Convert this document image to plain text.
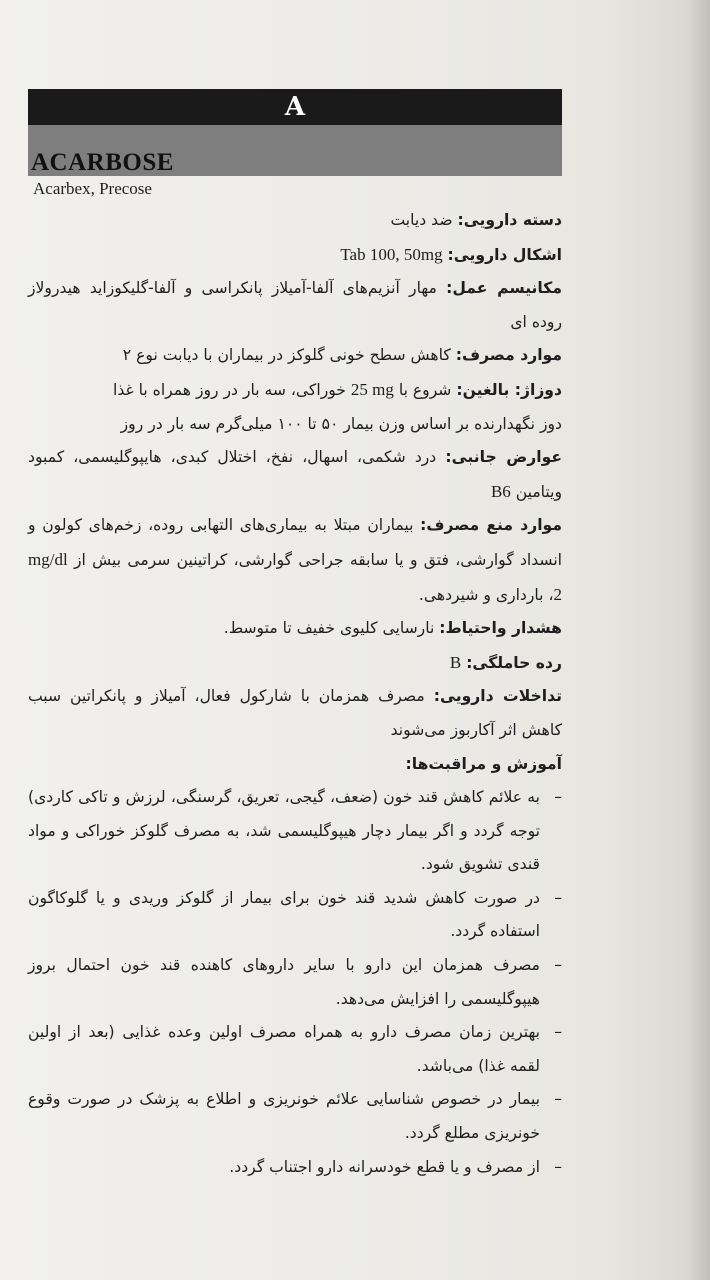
A
ACARBOSE
Acarbex, Precose

دسته دارویی: ضد دیابت

اشکال دارویی: Tab 100, 50mg

مکانیسم عمل: مهار آنزیم‌های آلفا-آمیلاز پانکراسی و آلفا-گلیکوزاید هیدرولاز روده ای

موارد مصرف: کاهش سطح خونی گلوکز در بیماران با دیابت نوع ۲

دوزاژ: بالغین: شروع با 25 mg خوراکی، سه بار در روز همراه با غذا

دوز نگهدارنده بر اساس وزن بیمار ۵۰ تا ۱۰۰ میلی‌گرم سه بار در روز

عوارض جانبی: درد شکمی، اسهال، نفخ، اختلال کبدی، هایپوگلیسمی، کمبود ویتامین B6

موارد منع مصرف: بیماران مبتلا به بیماری‌های التهابی روده، زخم‌های کولون و انسداد گوارشی، فتق و یا سابقه جراحی گوارشی، کراتینین سرمی بیش از mg/dl 2، بارداری و شیردهی.

هشدار واحتیاط: نارسایی کلیوی خفیف تا متوسط.

رده حاملگی: B

تداخلات دارویی: مصرف همزمان با شارکول فعال، آمیلاز و پانکراتین سبب کاهش اثر آکاربوز می‌شوند

آموزش و مراقبت‌ها:

–
به علائم کاهش قند خون (ضعف، گیجی، تعریق، گرسنگی، لرزش و تاکی کاردی) توجه گردد و اگر بیمار دچار هیپوگلیسمی شد، به مصرف گلوکز خوراکی و مواد قندی تشویق شود.

–
در صورت کاهش شدید قند خون برای بیمار از گلوکز وریدی و یا گلوکاگون استفاده گردد.

–
مصرف همزمان این دارو با سایر داروهای کاهنده قند خون احتمال بروز هیپوگلیسمی را افزایش می‌دهد.

–
بهترین زمان مصرف دارو به همراه مصرف اولین وعده غذایی (بعد از اولین لقمه غذا) می‌باشد.

–
بیمار در خصوص شناسایی علائم خونریزی و اطلاع به پزشک در صورت وقوع خونریزی مطلع گردد.

–
از مصرف و یا قطع خودسرانه دارو اجتناب گردد.
